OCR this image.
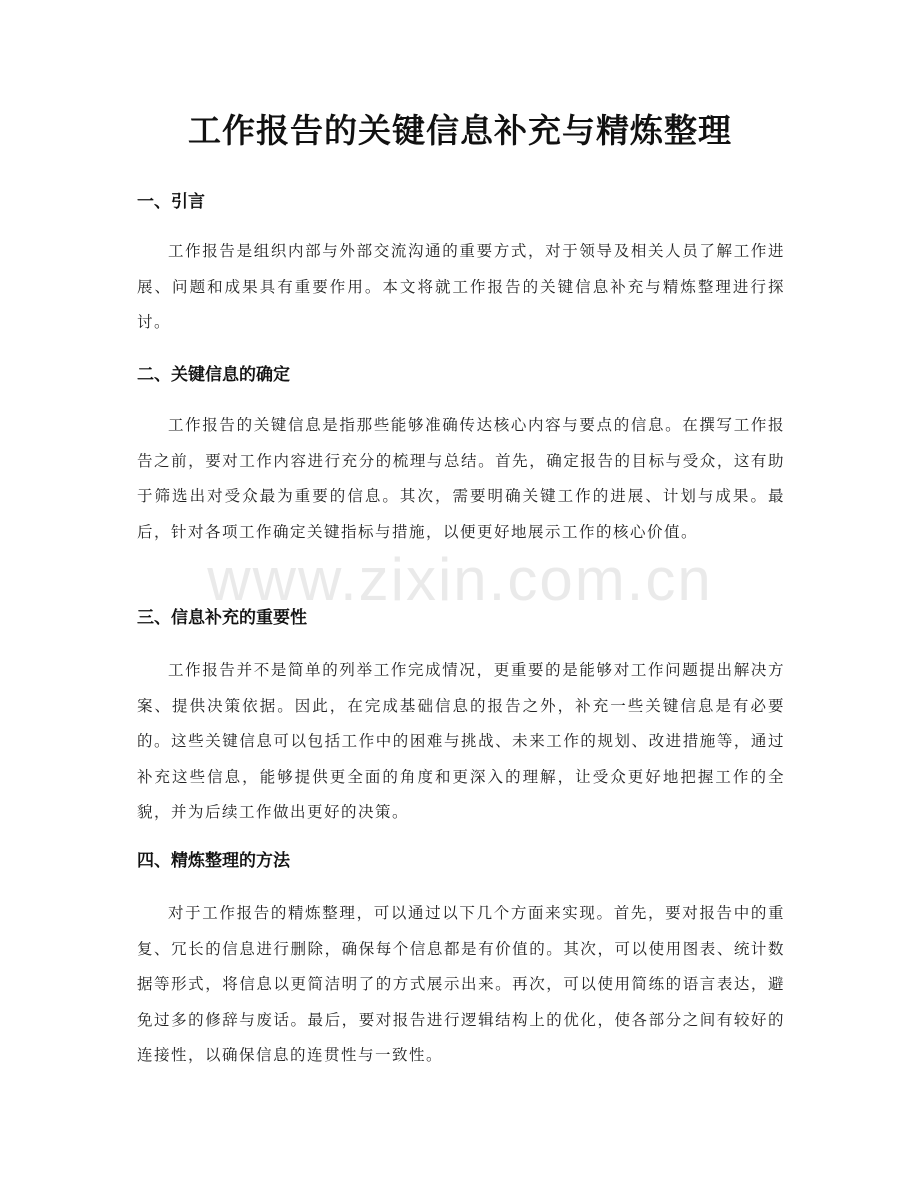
工作报告的关键信息补充与精炼整理
一、引言

工作报告是组织内部与外部交流沟通的重要方式，对于领导及相关人员了解工作进展、问题和成果具有重要作用。本文将就工作报告的关键信息补充与精炼整理进行探讨。

二、关键信息的确定

工作报告的关键信息是指那些能够准确传达核心内容与要点的信息。在撰写工作报告之前，要对工作内容进行充分的梳理与总结。首先，确定报告的目标与受众，这有助于筛选出对受众最为重要的信息。其次，需要明确关键工作的进展、计划与成果。最后，针对各项工作确定关键指标与措施，以便更好地展示工作的核心价值。

三、信息补充的重要性

工作报告并不是简单的列举工作完成情况，更重要的是能够对工作问题提出解决方案、提供决策依据。因此，在完成基础信息的报告之外，补充一些关键信息是有必要的。这些关键信息可以包括工作中的困难与挑战、未来工作的规划、改进措施等，通过补充这些信息，能够提供更全面的角度和更深入的理解，让受众更好地把握工作的全貌，并为后续工作做出更好的决策。

四、精炼整理的方法

对于工作报告的精炼整理，可以通过以下几个方面来实现。首先，要对报告中的重复、冗长的信息进行删除，确保每个信息都是有价值的。其次，可以使用图表、统计数据等形式，将信息以更简洁明了的方式展示出来。再次，可以使用简练的语言表达，避免过多的修辞与废话。最后，要对报告进行逻辑结构上的优化，使各部分之间有较好的连接性，以确保信息的连贯性与一致性。

www.zixin.com.cn
